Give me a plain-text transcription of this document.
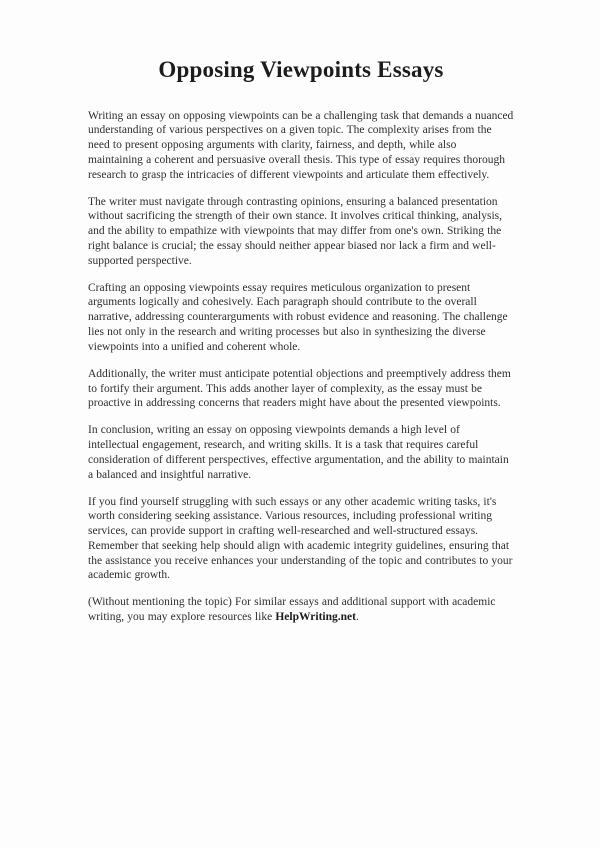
Opposing Viewpoints Essays

Writing an essay on opposing viewpoints can be a challenging task that demands a nuanced understanding of various perspectives on a given topic. The complexity arises from the need to present opposing arguments with clarity, fairness, and depth, while also maintaining a coherent and persuasive overall thesis. This type of essay requires thorough research to grasp the intricacies of different viewpoints and articulate them effectively.

The writer must navigate through contrasting opinions, ensuring a balanced presentation without sacrificing the strength of their own stance. It involves critical thinking, analysis, and the ability to empathize with viewpoints that may differ from one's own. Striking the right balance is crucial; the essay should neither appear biased nor lack a firm and well-supported perspective.

Crafting an opposing viewpoints essay requires meticulous organization to present arguments logically and cohesively. Each paragraph should contribute to the overall narrative, addressing counterarguments with robust evidence and reasoning. The challenge lies not only in the research and writing processes but also in synthesizing the diverse viewpoints into a unified and coherent whole.

Additionally, the writer must anticipate potential objections and preemptively address them to fortify their argument. This adds another layer of complexity, as the essay must be proactive in addressing concerns that readers might have about the presented viewpoints.

In conclusion, writing an essay on opposing viewpoints demands a high level of intellectual engagement, research, and writing skills. It is a task that requires careful consideration of different perspectives, effective argumentation, and the ability to maintain a balanced and insightful narrative.

If you find yourself struggling with such essays or any other academic writing tasks, it's worth considering seeking assistance. Various resources, including professional writing services, can provide support in crafting well-researched and well-structured essays. Remember that seeking help should align with academic integrity guidelines, ensuring that the assistance you receive enhances your understanding of the topic and contributes to your academic growth.

(Without mentioning the topic) For similar essays and additional support with academic writing, you may explore resources like HelpWriting.net.
